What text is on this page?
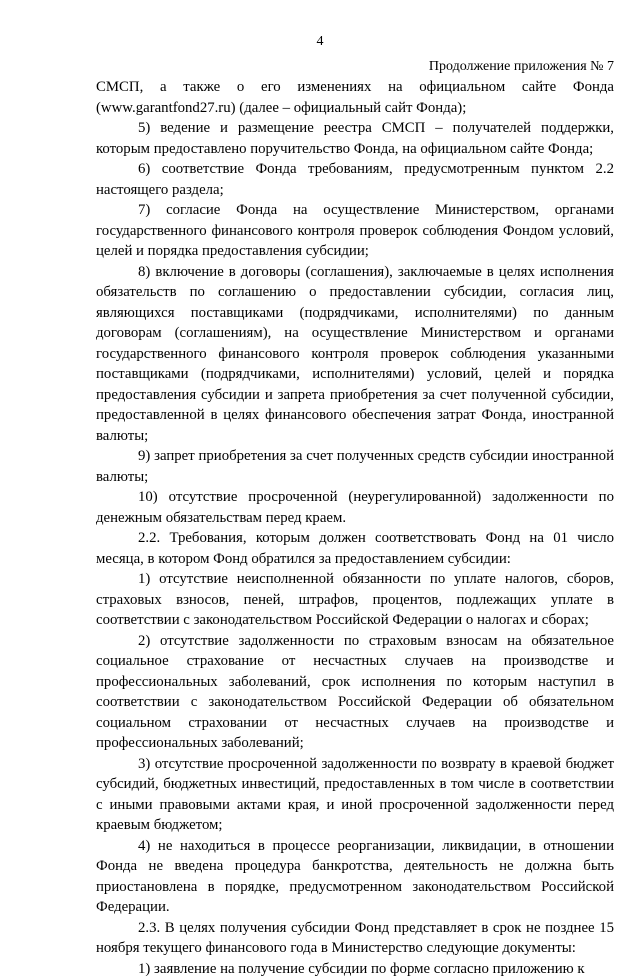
4
Продолжение приложения № 7

СМСП, а также о его изменениях на официальном сайте Фонда (www.garantfond27.ru) (далее – официальный сайт Фонда);

5) ведение и размещение реестра СМСП – получателей поддержки, которым предоставлено поручительство Фонда, на официальном сайте Фонда;

6) соответствие Фонда требованиям, предусмотренным пунктом 2.2 настоящего раздела;

7) согласие Фонда на осуществление Министерством, органами государственного финансового контроля проверок соблюдения Фондом условий, целей и порядка предоставления субсидии;

8) включение в договоры (соглашения), заключаемые в целях исполнения обязательств по соглашению о предоставлении субсидии, согласия лиц, являющихся поставщиками (подрядчиками, исполнителями) по данным договорам (соглашениям), на осуществление Министерством и органами государственного финансового контроля проверок соблюдения указанными поставщиками (подрядчиками, исполнителями) условий, целей и порядка предоставления субсидии и запрета приобретения за счет полученной субсидии, предоставленной в целях финансового обеспечения затрат Фонда, иностранной валюты;

9) запрет приобретения за счет полученных средств субсидии иностранной валюты;

10) отсутствие просроченной (неурегулированной) задолженности по денежным обязательствам перед краем.

2.2. Требования, которым должен соответствовать Фонд на 01 число месяца, в котором Фонд обратился за предоставлением субсидии:

1) отсутствие неисполненной обязанности по уплате налогов, сборов, страховых взносов, пеней, штрафов, процентов, подлежащих уплате в соответствии с законодательством Российской Федерации о налогах и сборах;

2) отсутствие задолженности по страховым взносам на обязательное социальное страхование от несчастных случаев на производстве и профессиональных заболеваний, срок исполнения по которым наступил в соответствии с законодательством Российской Федерации об обязательном социальном страховании от несчастных случаев на производстве и профессиональных заболеваний;

3) отсутствие просроченной задолженности по возврату в краевой бюджет субсидий, бюджетных инвестиций, предоставленных в том числе в соответствии с иными правовыми актами края, и иной просроченной задолженности перед краевым бюджетом;

4) не находиться в процессе реорганизации, ликвидации, в отношении Фонда не введена процедура банкротства, деятельность не должна быть приостановлена в порядке, предусмотренном законодательством Российской Федерации.

2.3. В целях получения субсидии Фонд представляет в срок не позднее 15 ноября текущего финансового года в Министерство следующие документы:

1) заявление на получение субсидии по форме согласно приложению к
